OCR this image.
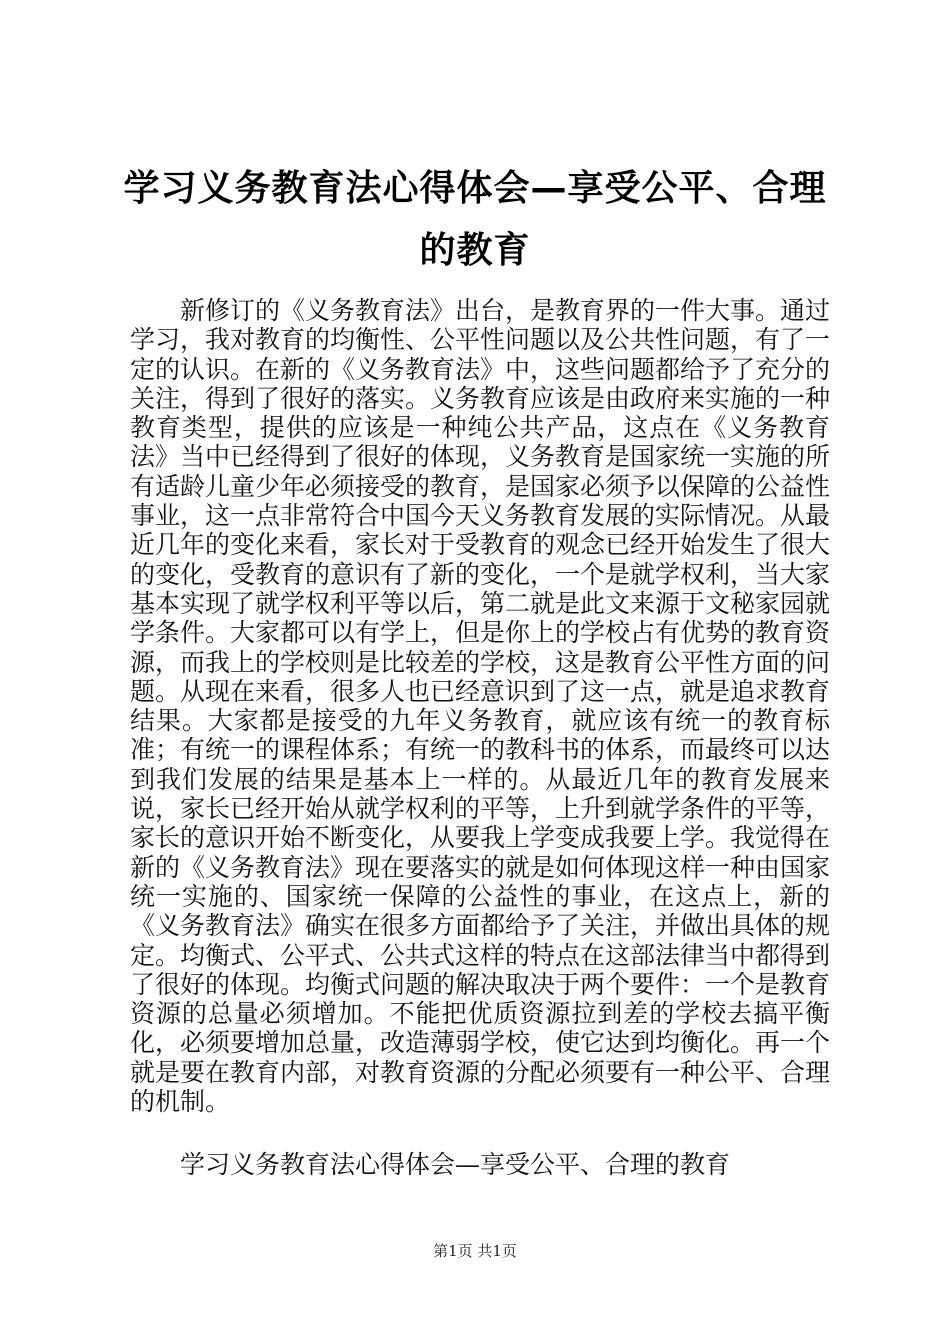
学习义务教育法心得体会—享受公平、合理的教育

新修订的《义务教育法》出台，是教育界的一件大事。通过学习，我对教育的均衡性、公平性问题以及公共性问题，有了一定的认识。在新的《义务教育法》中，这些问题都给予了充分的关注，得到了很好的落实。义务教育应该是由政府来实施的一种教育类型，提供的应该是一种纯公共产品，这点在《义务教育法》当中已经得到了很好的体现，义务教育是国家统一实施的所有适龄儿童少年必须接受的教育，是国家必须予以保障的公益性事业，这一点非常符合中国今天义务教育发展的实际情况。从最近几年的变化来看，家长对于受教育的观念已经开始发生了很大的变化，受教育的意识有了新的变化，一个是就学权利，当大家基本实现了就学权利平等以后，第二就是此文来源于文秘家园就学条件。大家都可以有学上，但是你上的学校占有优势的教育资源，而我上的学校则是比较差的学校，这是教育公平性方面的问题。从现在来看，很多人也已经意识到了这一点，就是追求教育结果。大家都是接受的九年义务教育，就应该有统一的教育标准；有统一的课程体系；有统一的教科书的体系，而最终可以达到我们发展的结果是基本上一样的。从最近几年的教育发展来说，家长已经开始从就学权利的平等，上升到就学条件的平等，家长的意识开始不断变化，从要我上学变成我要上学。我觉得在新的《义务教育法》现在要落实的就是如何体现这样一种由国家统一实施的、国家统一保障的公益性的事业，在这点上，新的《义务教育法》确实在很多方面都给予了关注，并做出具体的规定。均衡式、公平式、公共式这样的特点在这部法律当中都得到了很好的体现。均衡式问题的解决取决于两个要件：一个是教育资源的总量必须增加。不能把优质资源拉到差的学校去搞平衡化，必须要增加总量，改造薄弱学校，使它达到均衡化。再一个就是要在教育内部，对教育资源的分配必须要有一种公平、合理的机制。

学习义务教育法心得体会—享受公平、合理的教育

第1页 共1页
